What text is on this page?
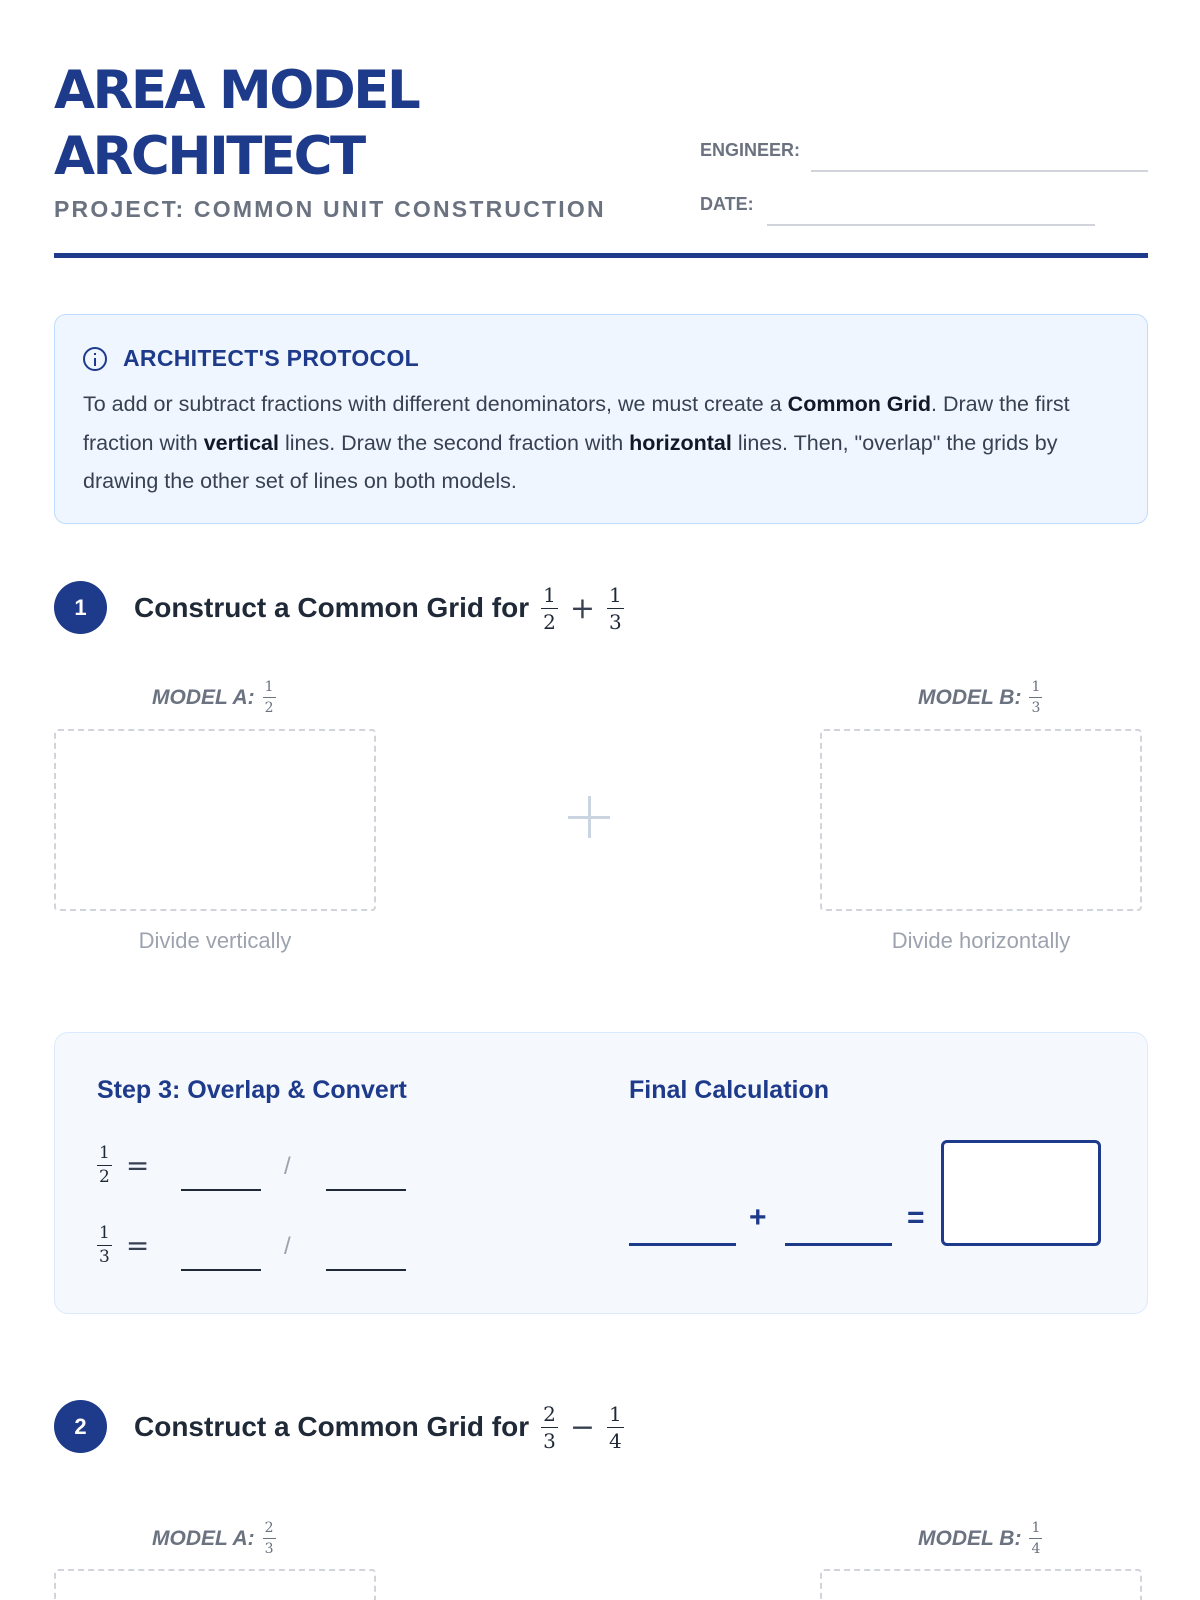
AREA MODEL
ARCHITECT
PROJECT: COMMON UNIT CONSTRUCTION
ENGINEER:
DATE:
ARCHITECT'S PROTOCOL
To add or subtract fractions with different denominators, we must create a Common Grid. Draw the first fraction with vertical lines. Draw the second fraction with horizontal lines. Then, "overlap" the grids by drawing the other set of lines on both models.
1	Construct a Common Grid for $\frac{1}{2} + \frac{1}{3}$
MODEL A: $\frac{1}{2}$	MODEL B: $\frac{1}{3}$
Divide vertically	Divide horizontally
Step 3: Overlap & Convert	Final Calculation
$\frac{1}{2}$ =	/
$\frac{1}{3}$ =	/
+	=
2	Construct a Common Grid for $\frac{2}{3} - \frac{1}{4}$
MODEL A: $\frac{2}{3}$	MODEL B: $\frac{1}{4}$
